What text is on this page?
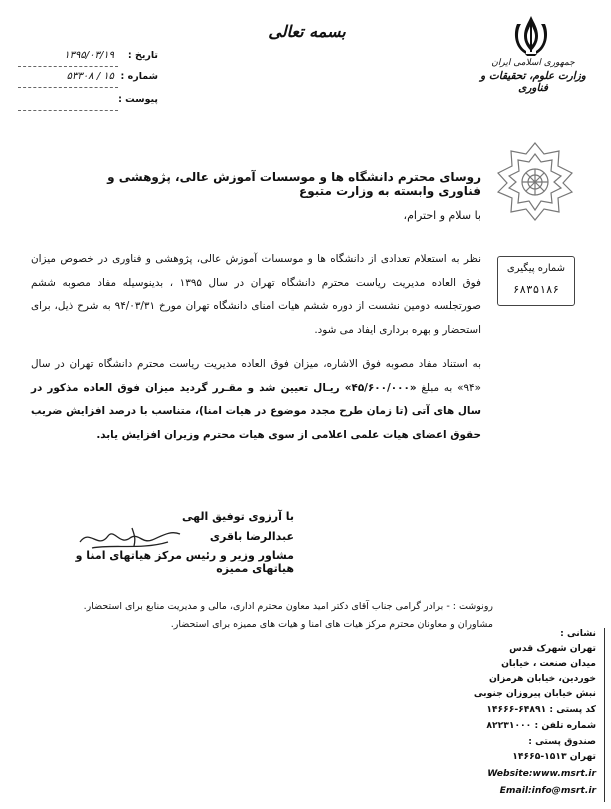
بسمه تعالی
تاریخ :
۱۳۹۵/۰۳/۱۹
شماره :
۱۵ / ۵۳۳۰۸
پیوست :
جمهوری اسلامی ایران
وزارت علوم، تحقیقات و فناوری
شماره پیگیری
۶۸۳۵۱۸۶
روسای محترم دانشگاه ها و موسسات آموزش عالی، پژوهشی و فناوری وابسته به وزارت متبوع
با سلام و احترام،
نظر به استعلام تعدادی از دانشگاه ها و موسسات آموزش عالی، پژوهشی و فناوری در خصوص میزان فوق العاده مدیریت ریاست محترم دانشگاه تهران در سال ۱۳۹۵ ، بدینوسیله مفاد مصوبه ششم صورتجلسه دومین نشست از دوره ششم هیات امنای دانشگاه تهران مورخ ۹۴/۰۳/۳۱ به شرح ذیل، برای استحضار و بهره برداری ایفاد می شود.
به استناد مفاد مصوبه فوق الاشاره، میزان فوق العاده مدیریت ریاست محترم دانشگاه تهران در سال «۹۴» به مبلغ «۴۵/۶۰۰/۰۰۰» ریـال تعیین شد و مقـرر گردید میزان فوق العاده مذکور در سال های آتی (تا زمان طرح مجدد موضوع در هیات امنا)، متناسب با درصد افزایش ضریب حقوق اعضای هیات علمی اعلامی از سوی هیات محترم وزیران افزایش یابد.
با آرزوی توفیق الهی
عبدالرضا باقری
مشاور وزیر و رئیس مرکز هیاتهای امنا و هیاتهای ممیزه
رونوشت : - برادر گرامی جناب آقای دکتر امید معاون محترم اداری، مالی و مدیریت منابع برای استحضار.
مشاوران و معاونان محترم مرکز هیات های امنا و هیات های ممیزه برای استحضار.
نشانی :
تهران شهرک قدس
میدان صنعت ، خیابان
خوردین، خیابان هرمزان
نبش خیابان پیروزان جنوبی
کد پستی : ۶۴۸۹۱-۱۴۶۶۶
شماره تلفن : ۸۲۲۳۱۰۰۰
صندوق پستی :
تهران ۱۵۱۳-۱۴۶۶۵
Website:www.msrt.ir
Email:info@msrt.ir
